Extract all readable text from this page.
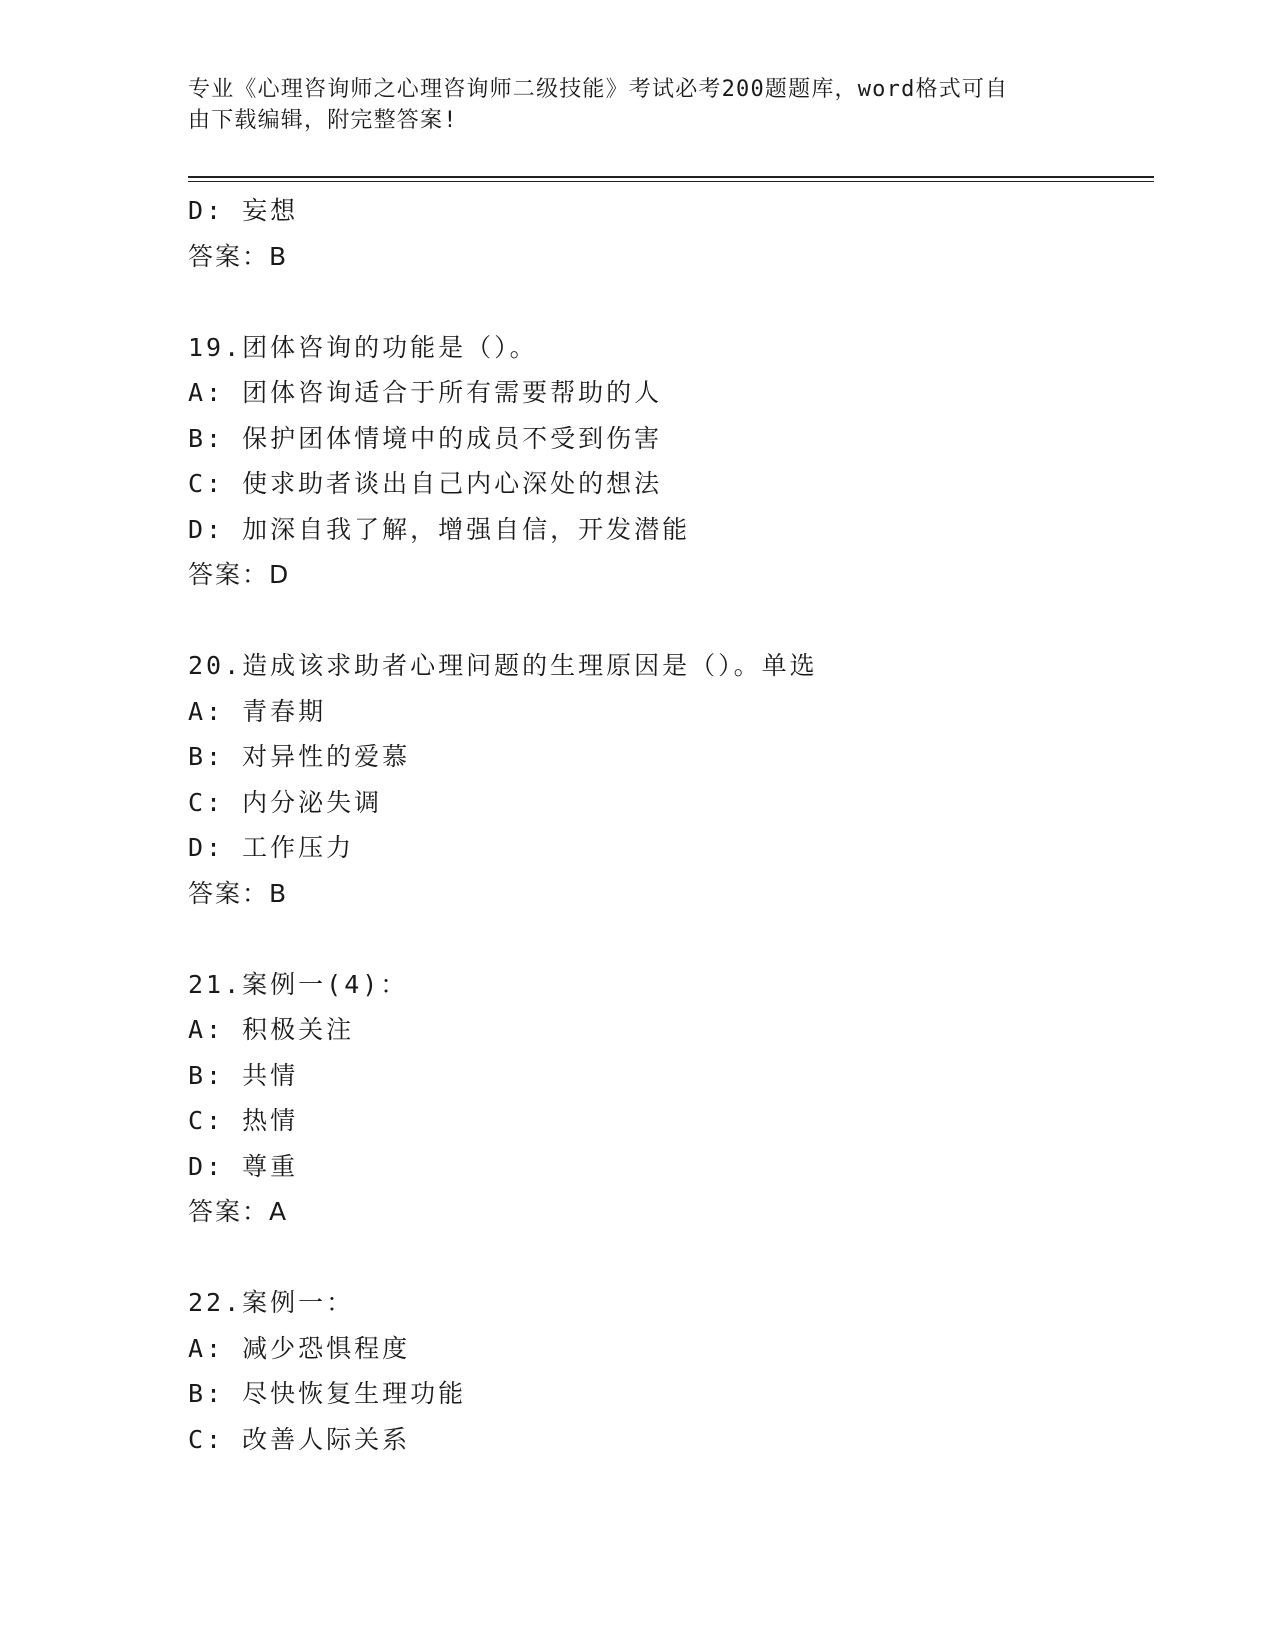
专业《心理咨询师之心理咨询师二级技能》考试必考200题题库，word格式可自
由下载编辑，附完整答案!
D: 妄想
答案：B
19.团体咨询的功能是（）。
A: 团体咨询适合于所有需要帮助的人
B: 保护团体情境中的成员不受到伤害
C: 使求助者谈出自己内心深处的想法
D: 加深自我了解，增强自信，开发潜能
答案：D
20.造成该求助者心理问题的生理原因是（）。单选
A: 青春期
B: 对异性的爱慕
C: 内分泌失调
D: 工作压力
答案：B
21.案例一(4)：
A: 积极关注
B: 共情
C: 热情
D: 尊重
答案：A
22.案例一：
A: 减少恐惧程度
B: 尽快恢复生理功能
C: 改善人际关系
